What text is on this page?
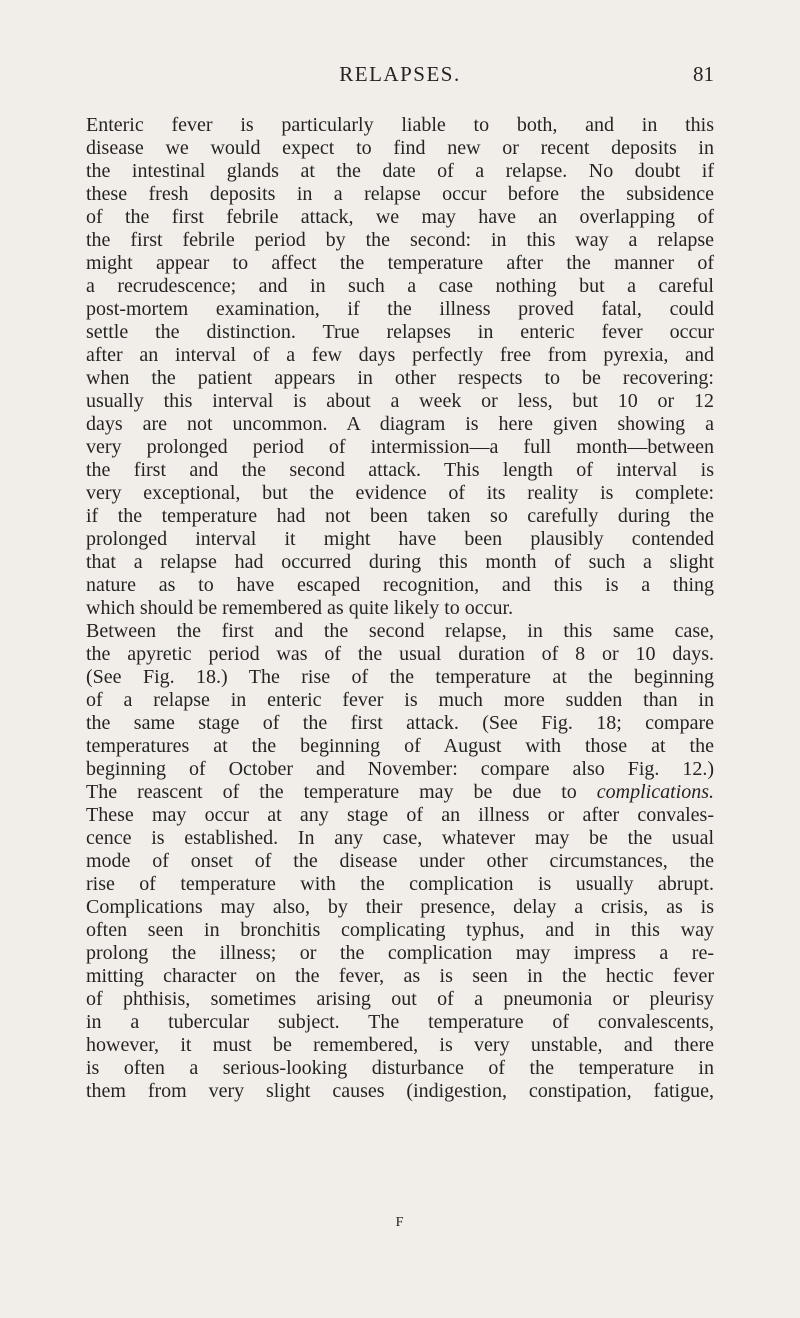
RELAPSES.	81
Enteric fever is particularly liable to both, and in this
disease we would expect to find new or recent deposits in
the intestinal glands at the date of a relapse. No doubt if
these fresh deposits in a relapse occur before the subsidence
of the first febrile attack, we may have an overlapping of
the first febrile period by the second: in this way a relapse
might appear to affect the temperature after the manner of
a recrudescence; and in such a case nothing but a careful
post-mortem examination, if the illness proved fatal, could
settle the distinction. True relapses in enteric fever occur
after an interval of a few days perfectly free from pyrexia, and
when the patient appears in other respects to be recovering:
usually this interval is about a week or less, but 10 or 12
days are not uncommon. A diagram is here given showing a
very prolonged period of intermission—a full month—between
the first and the second attack. This length of interval is
very exceptional, but the evidence of its reality is complete:
if the temperature had not been taken so carefully during the
prolonged interval it might have been plausibly contended
that a relapse had occurred during this month of such a slight
nature as to have escaped recognition, and this is a thing
which should be remembered as quite likely to occur.
Between the first and the second relapse, in this same case,
the apyretic period was of the usual duration of 8 or 10 days.
(See Fig. 18.) The rise of the temperature at the beginning
of a relapse in enteric fever is much more sudden than in
the same stage of the first attack. (See Fig. 18; compare
temperatures at the beginning of August with those at the
beginning of October and November: compare also Fig. 12.)
The reascent of the temperature may be due to complications.
These may occur at any stage of an illness or after convales-
cence is established. In any case, whatever may be the usual
mode of onset of the disease under other circumstances, the
rise of temperature with the complication is usually abrupt.
Complications may also, by their presence, delay a crisis, as is
often seen in bronchitis complicating typhus, and in this way
prolong the illness; or the complication may impress a re-
mitting character on the fever, as is seen in the hectic fever
of phthisis, sometimes arising out of a pneumonia or pleurisy
in a tubercular subject. The temperature of convalescents,
however, it must be remembered, is very unstable, and there
is often a serious-looking disturbance of the temperature in
them from very slight causes (indigestion, constipation, fatigue,
F
